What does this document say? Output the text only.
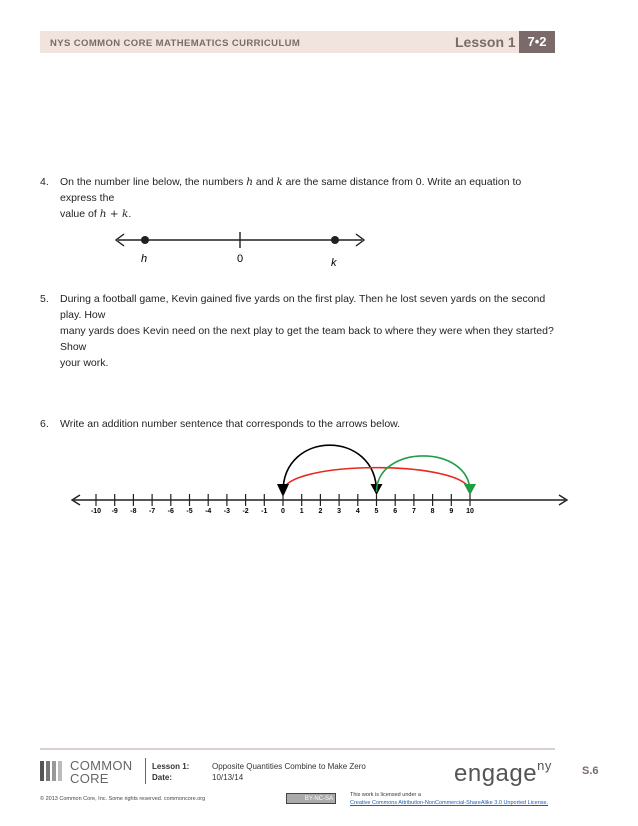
NYS COMMON CORE MATHEMATICS CURRICULUM	Lesson 1 7•2
4. On the number line below, the numbers h and k are the same distance from 0. Write an equation to express the
value of h + k.
h	0	k
5. During a football game, Kevin gained five yards on the first play. Then he lost seven yards on the second play. How
many yards does Kevin need on the next play to get the team back to where they were when they started? Show
your work.
6. Write an addition number sentence that corresponds to the arrows below.
-10 -9 -8 -7 -6 -5 -4 -3 -2 -1 0 1 2 3 4 5 6 7 8 9 10
COMMON
CORE
Lesson 1:	Opposite Quantities Combine to Make Zero
Date:	10/13/14
© 2013 Common Core, Inc. Some rights reserved. commoncore.org	BY-NC-SA
This work is licensed under a
Creative Commons Attribution-NonCommercial-ShareAlike 3.0 Unported License.
engage$^{ny}$	S.6
